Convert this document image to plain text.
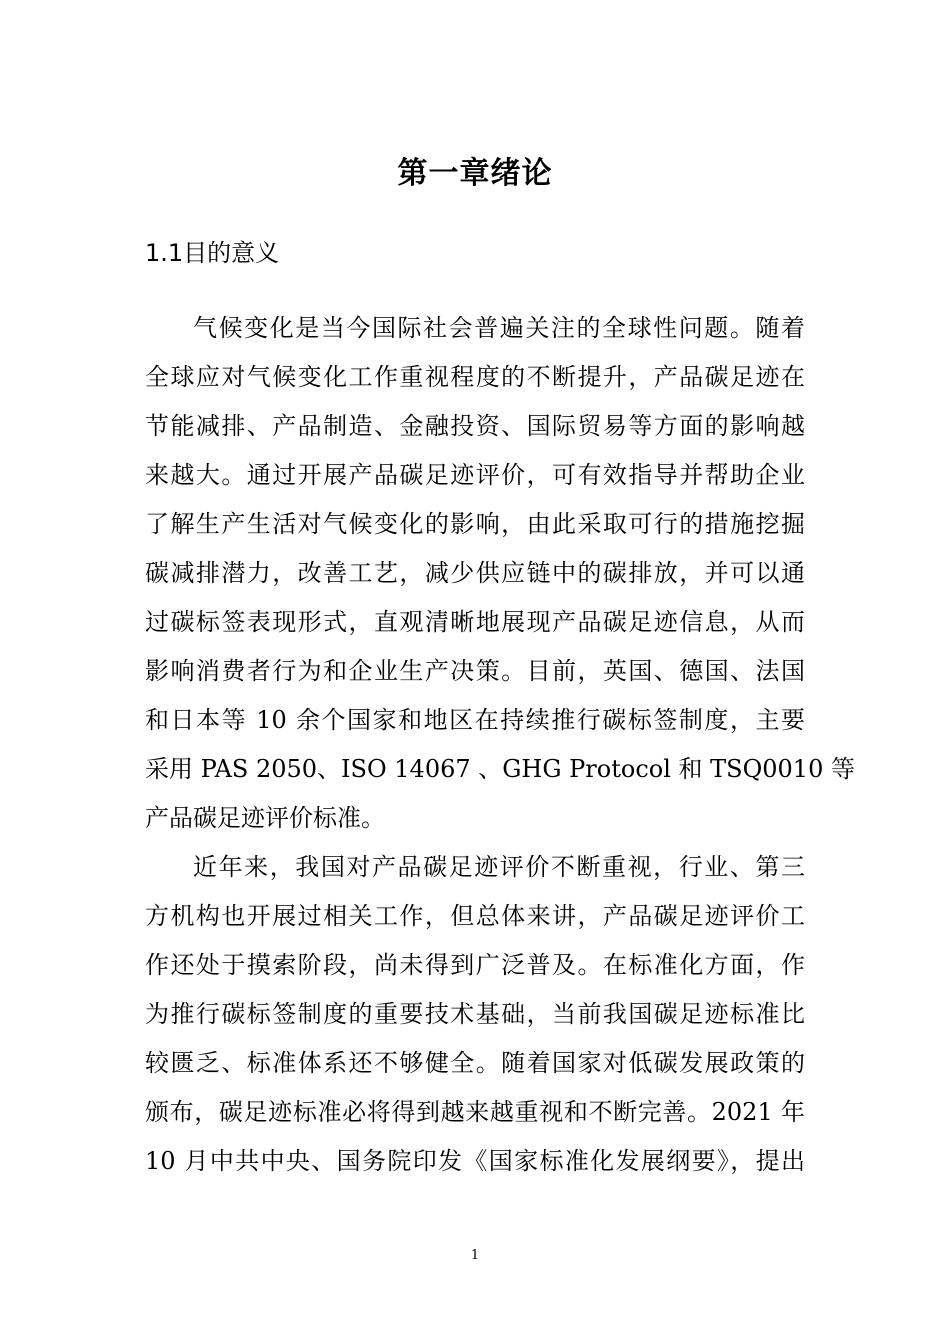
第一章绪论
1.1目的意义
气候变化是当今国际社会普遍关注的全球性问题。随着
全球应对气候变化工作重视程度的不断提升，产品碳足迹在
节能减排、产品制造、金融投资、国际贸易等方面的影响越
来越大。通过开展产品碳足迹评价，可有效指导并帮助企业
了解生产生活对气候变化的影响，由此采取可行的措施挖掘
碳减排潜力，改善工艺，减少供应链中的碳排放，并可以通
过碳标签表现形式，直观清晰地展现产品碳足迹信息，从而
影响消费者行为和企业生产决策。目前，英国、德国、法国
和日本等 10 余个国家和地区在持续推行碳标签制度，主要
采用 PAS 2050、ISO 14067 、GHG Protocol 和 TSQ0010 等
产品碳足迹评价标准。
近年来，我国对产品碳足迹评价不断重视，行业、第三
方机构也开展过相关工作，但总体来讲，产品碳足迹评价工
作还处于摸索阶段，尚未得到广泛普及。在标准化方面，作
为推行碳标签制度的重要技术基础，当前我国碳足迹标准比
较匮乏、标准体系还不够健全。随着国家对低碳发展政策的
颁布，碳足迹标准必将得到越来越重视和不断完善。2021 年
10 月中共中央、国务院印发《国家标准化发展纲要》，提出
1
